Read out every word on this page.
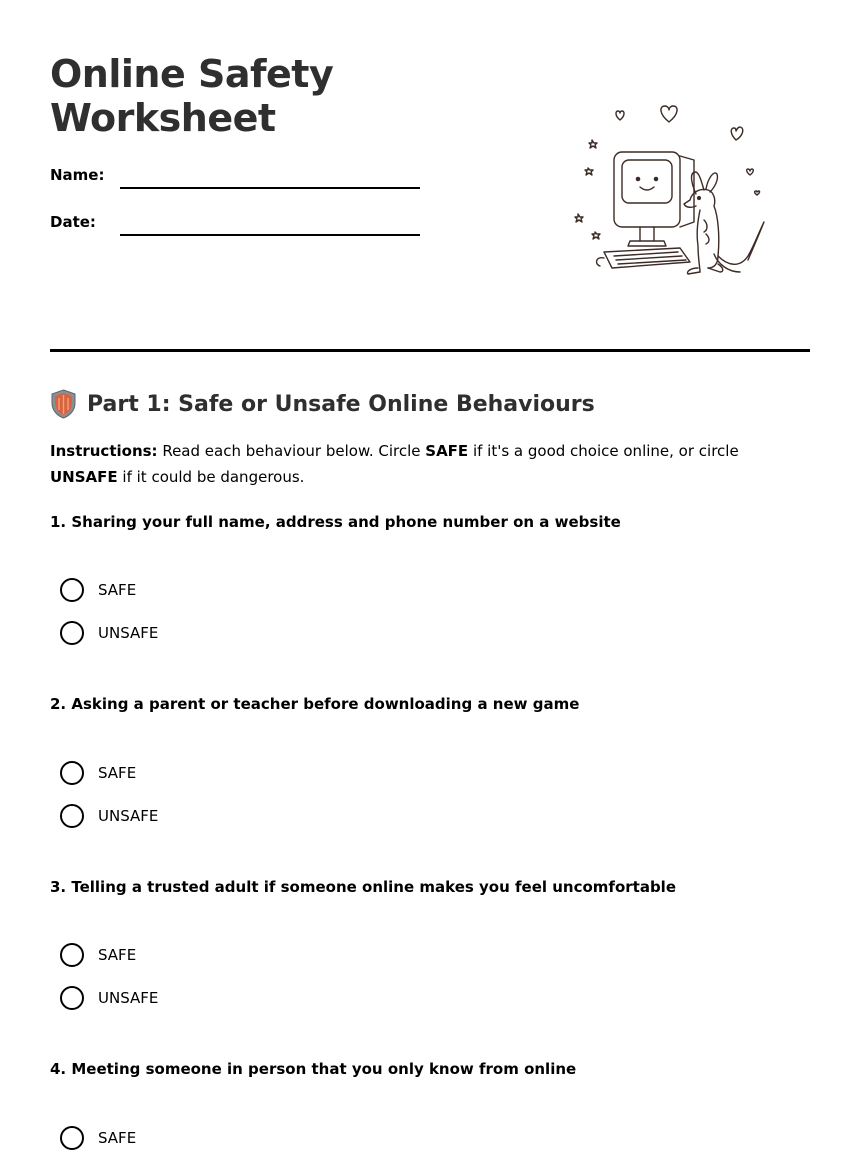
Online Safety
Worksheet
Name:
Date:
Part 1: Safe or Unsafe Online Behaviours
Instructions: Read each behaviour below. Circle SAFE if it's a good choice online, or circle UNSAFE if it could be dangerous.
1. Sharing your full name, address and phone number on a website
SAFE
UNSAFE
2. Asking a parent or teacher before downloading a new game
SAFE
UNSAFE
3. Telling a trusted adult if someone online makes you feel uncomfortable
SAFE
UNSAFE
4. Meeting someone in person that you only know from online
SAFE
